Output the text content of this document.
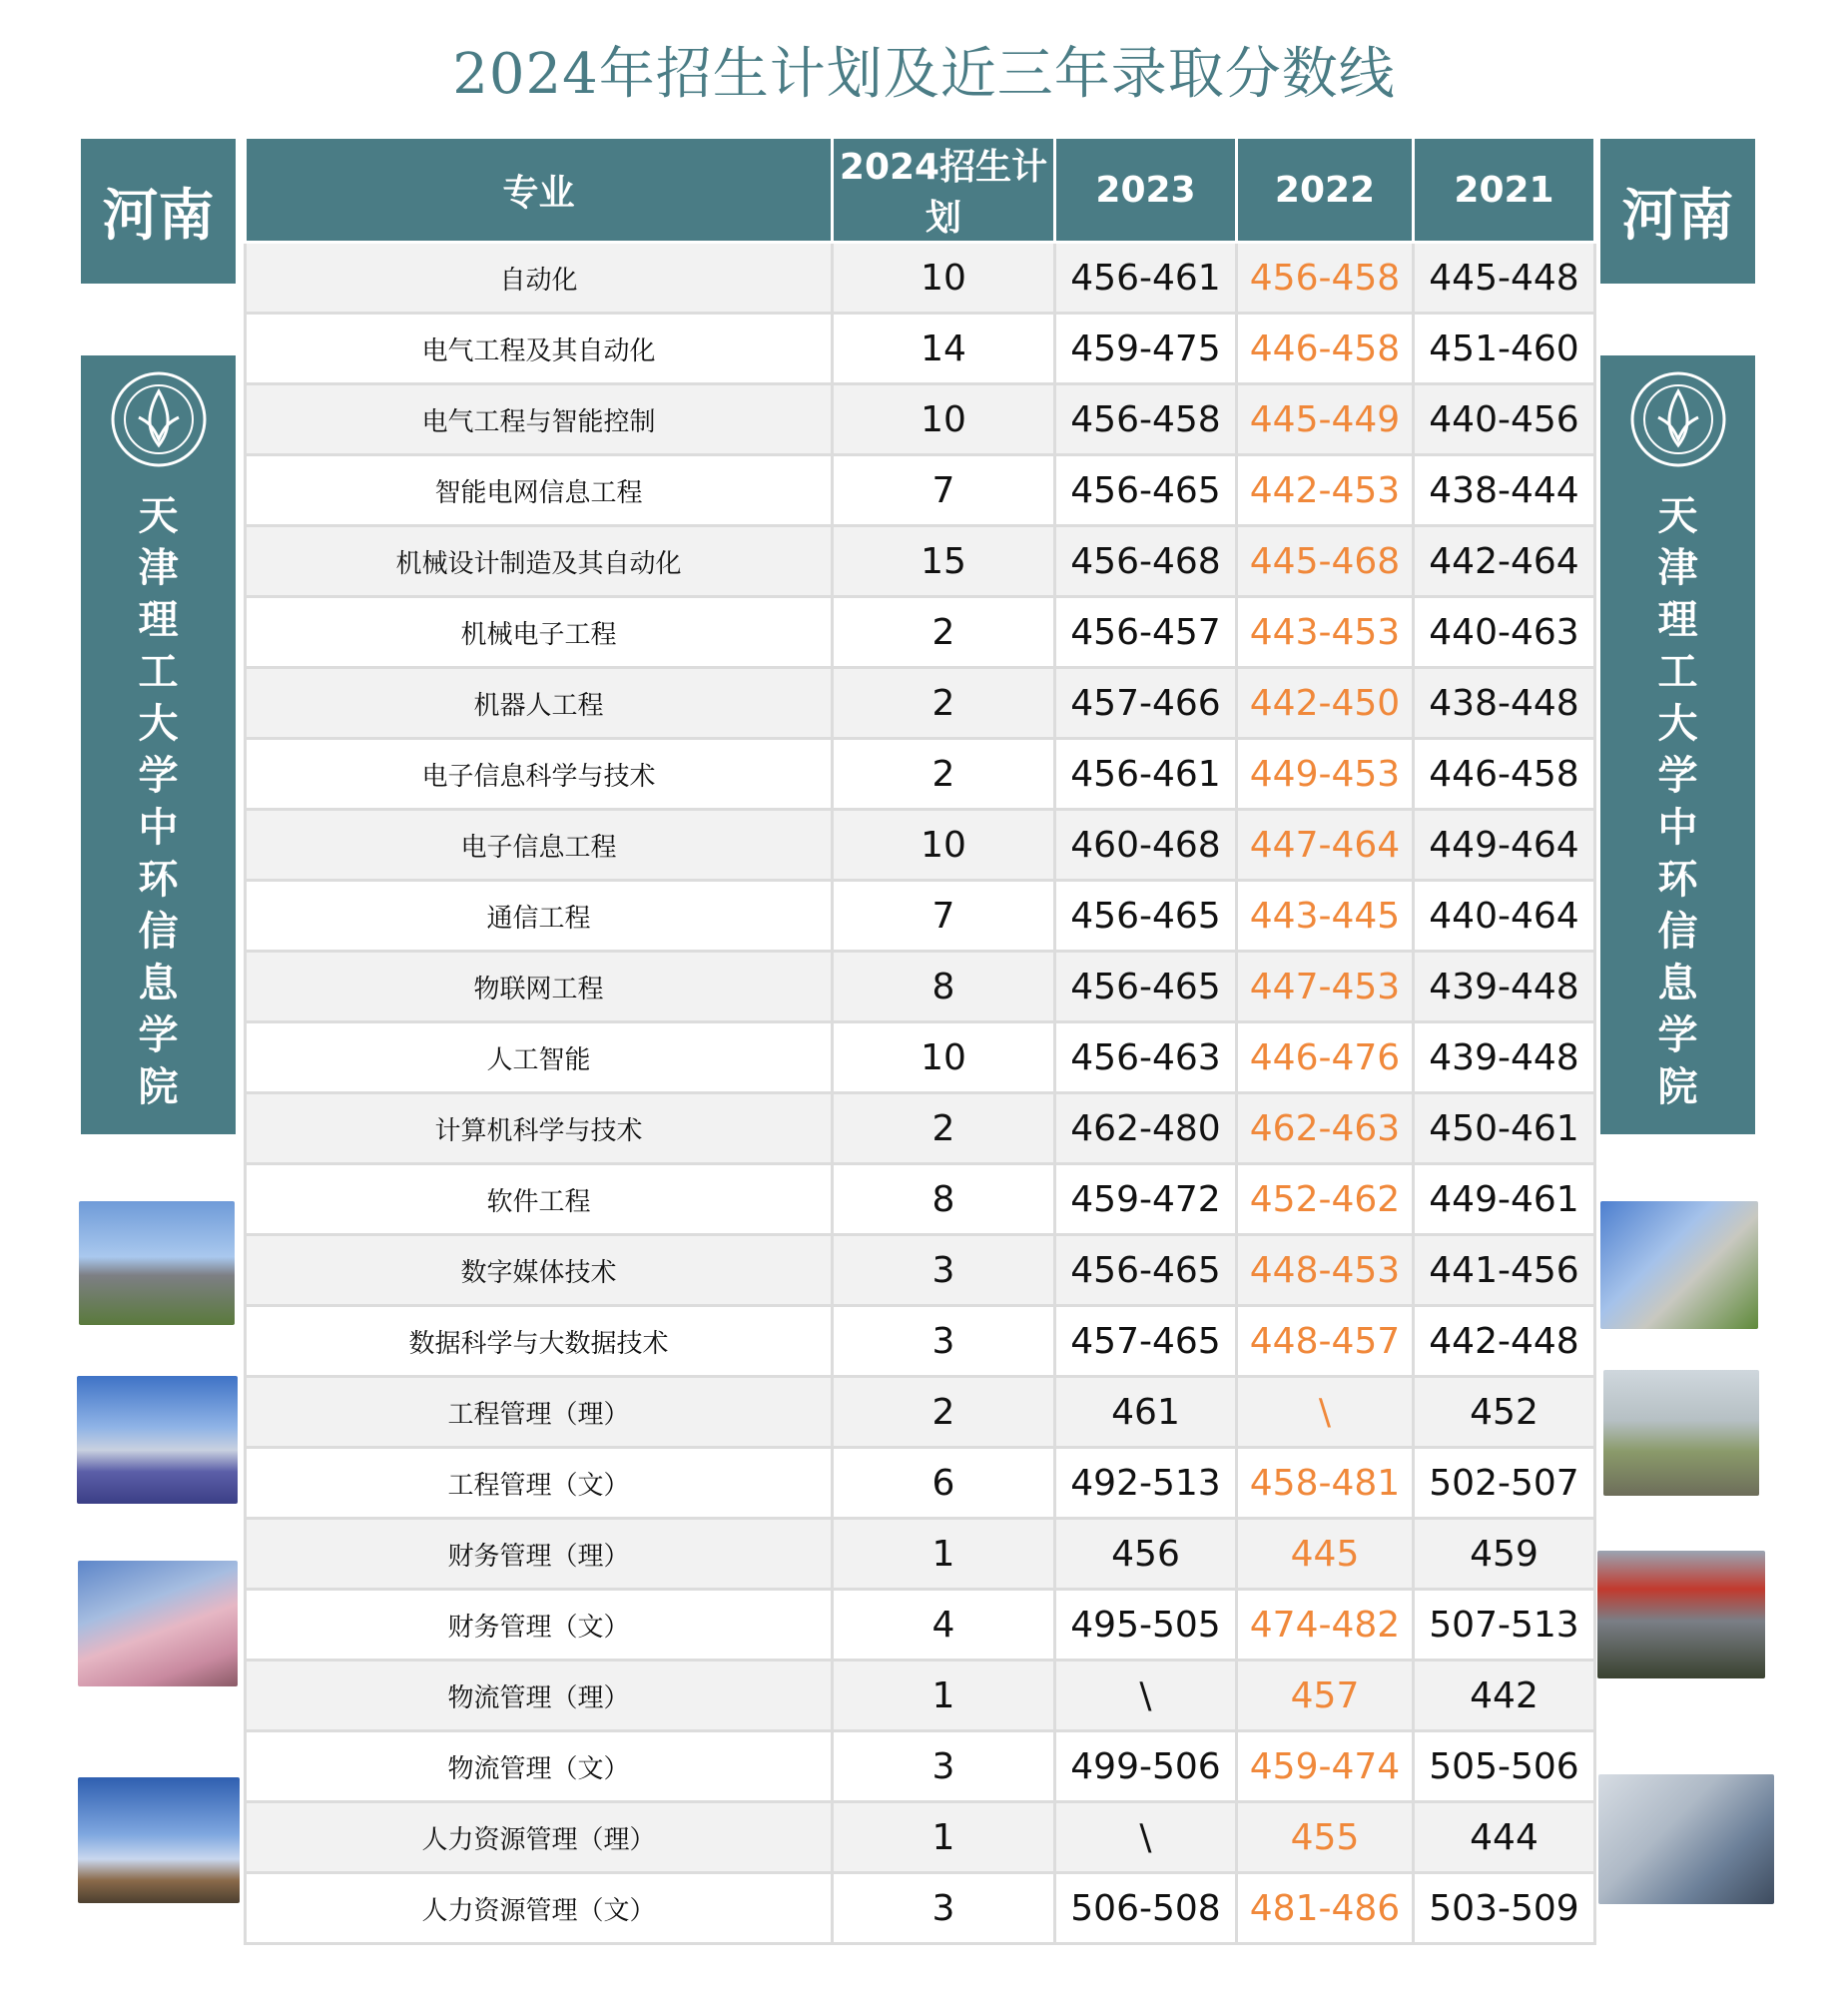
2024年招生计划及近三年录取分数线
河南
天
津
理
工
大
学
中
环
信
息
学
院
河南
天
津
理
工
大
学
中
环
信
息
学
院
专业	2024招生计划	2023	2022	2021
自动化	10	456-461	456-458	445-448
电气工程及其自动化	14	459-475	446-458	451-460
电气工程与智能控制	10	456-458	445-449	440-456
智能电网信息工程	7	456-465	442-453	438-444
机械设计制造及其自动化	15	456-468	445-468	442-464
机械电子工程	2	456-457	443-453	440-463
机器人工程	2	457-466	442-450	438-448
电子信息科学与技术	2	456-461	449-453	446-458
电子信息工程	10	460-468	447-464	449-464
通信工程	7	456-465	443-445	440-464
物联网工程	8	456-465	447-453	439-448
人工智能	10	456-463	446-476	439-448
计算机科学与技术	2	462-480	462-463	450-461
软件工程	8	459-472	452-462	449-461
数字媒体技术	3	456-465	448-453	441-456
数据科学与大数据技术	3	457-465	448-457	442-448
工程管理（理）	2	461	\	452
工程管理（文）	6	492-513	458-481	502-507
财务管理（理）	1	456	445	459
财务管理（文）	4	495-505	474-482	507-513
物流管理（理）	1	\	457	442
物流管理（文）	3	499-506	459-474	505-506
人力资源管理（理）	1	\	455	444
人力资源管理（文）	3	506-508	481-486	503-509
